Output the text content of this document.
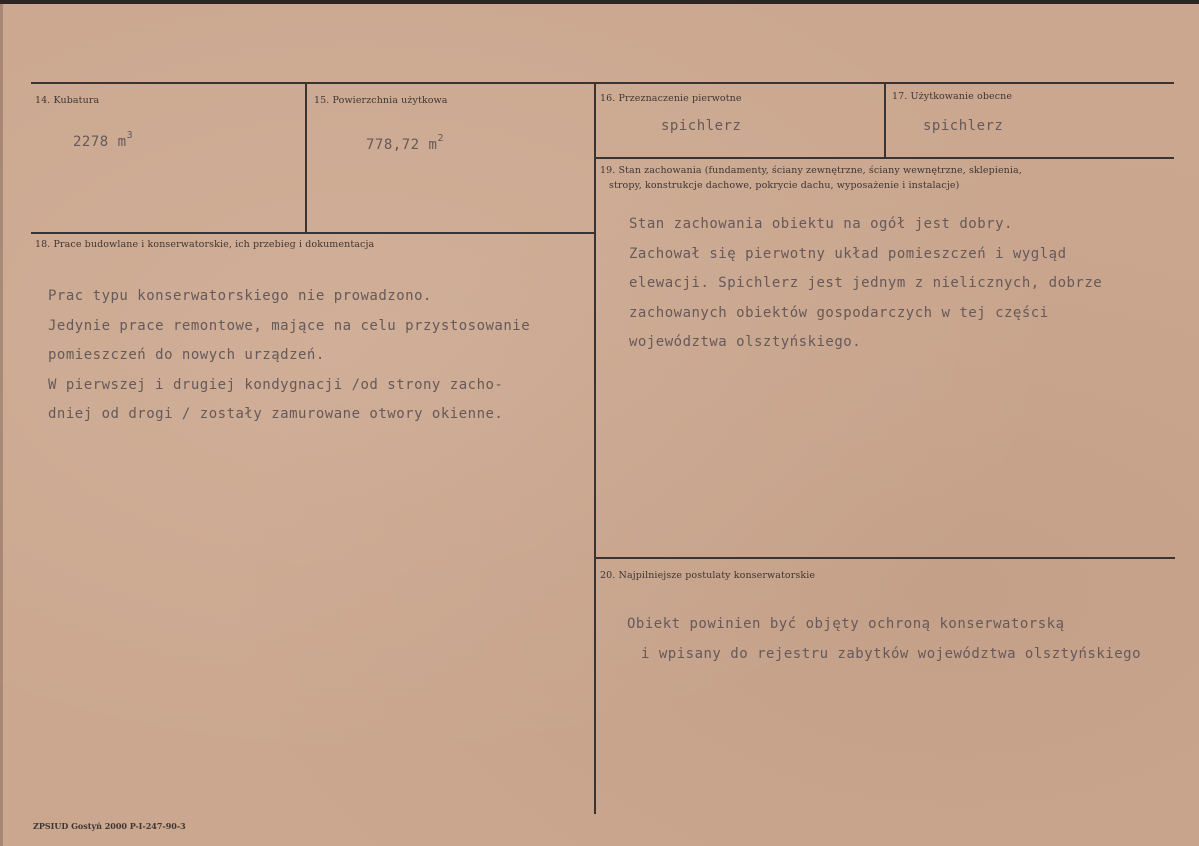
14. Kubatura
2278 $m^3$
15. Powierzchnia użytkowa
778,72 $m^2$
16. Przeznaczenie pierwotne
spichlerz
17. Użytkowanie obecne
spichlerz
18. Prace budowlane i konserwatorskie, ich przebieg i dokumentacja
Prac typu konserwatorskiego nie prowadzono.
Jedynie prace remontowe, mające na celu przystosowanie
pomieszczeń do nowych urządzeń.
W pierwszej i drugiej kondygnacji /od strony zacho-
dniej od drogi / zostały zamurowane otwory okienne.
19. Stan zachowania (fundamenty, ściany zewnętrzne, ściany wewnętrzne, sklepienia,
stropy, konstrukcje dachowe, pokrycie dachu, wyposażenie i instalacje)
Stan zachowania obiektu na ogół jest dobry.
Zachował się pierwotny układ pomieszczeń i wygląd
elewacji. Spichlerz jest jednym z nielicznych, dobrze
zachowanych obiektów gospodarczych w tej części
województwa olsztyńskiego.
20. Najpilniejsze postulaty konserwatorskie
Obiekt powinien być objęty ochroną konserwatorską
i wpisany do rejestru zabytków województwa olsztyńskiego
ZPSIUD Gostyń 2000 P-I-247-90-3
